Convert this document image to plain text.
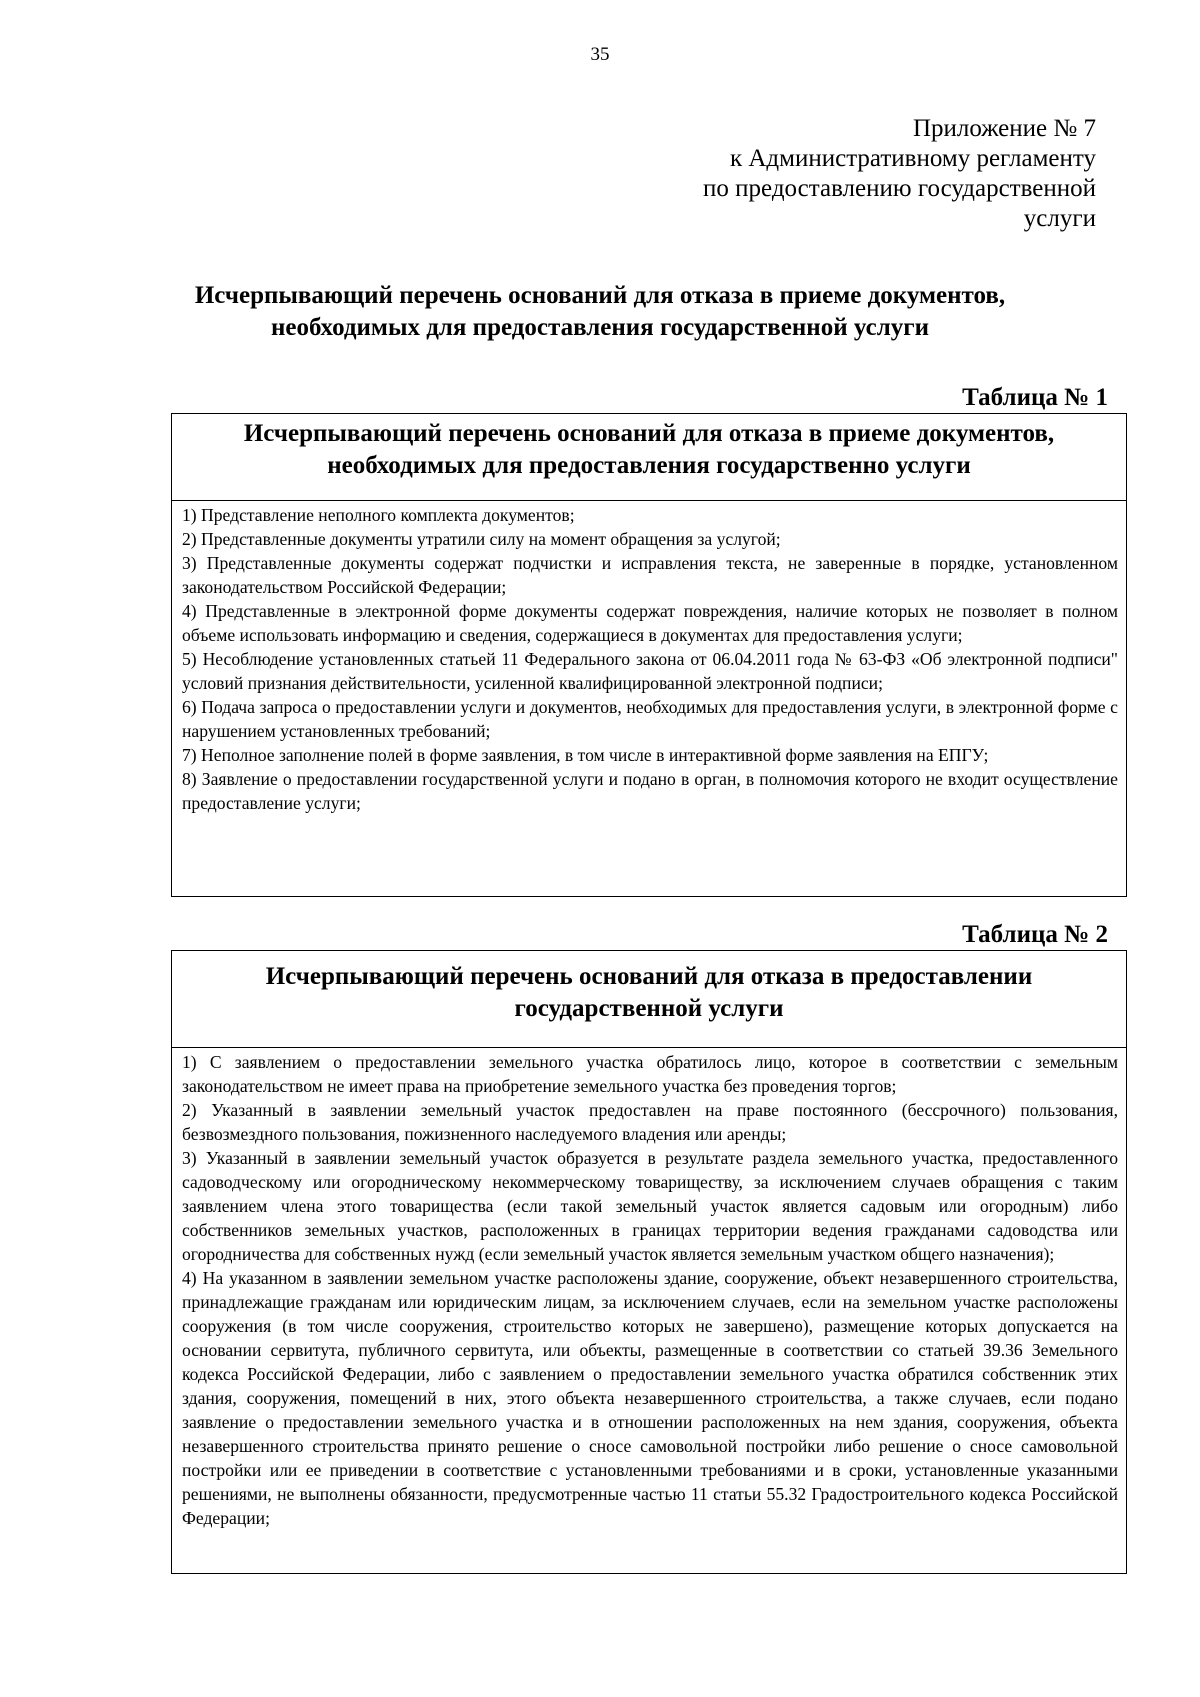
35
Приложение № 7
к Административному регламенту
по предоставлению государственной
услуги
Исчерпывающий перечень оснований для отказа в приеме документов,
необходимых для предоставления государственной услуги
Таблица № 1
Исчерпывающий перечень оснований для отказа в приеме документов,
необходимых для предоставления государственно услуги

1) Представление неполного комплекта документов;

2) Представленные документы утратили силу на момент обращения за услугой;

3) Представленные документы содержат подчистки и исправления текста, не заверенные в порядке, установленном законодательством Российской Федерации;

4) Представленные в электронной форме документы содержат повреждения, наличие которых не позволяет в полном объеме использовать информацию и сведения, содержащиеся в документах для предоставления услуги;

5) Несоблюдение установленных статьей 11 Федерального закона от 06.04.2011 года № 63-ФЗ «Об электронной подписи" условий признания действительности, усиленной квалифицированной электронной подписи;

6) Подача запроса о предоставлении услуги и документов, необходимых для предоставления услуги, в электронной форме с нарушением установленных требований;

7) Неполное заполнение полей в форме заявления, в том числе в интерактивной форме заявления на ЕПГУ;

8) Заявление о предоставлении государственной услуги и подано в орган, в полномочия которого не входит осуществление предоставление услуги;

Таблица № 2
Исчерпывающий перечень оснований для отказа в предоставлении
государственной услуги

1) С заявлением о предоставлении земельного участка обратилось лицо, которое в соответствии с земельным законодательством не имеет права на приобретение земельного участка без проведения торгов;

2) Указанный в заявлении земельный участок предоставлен на праве постоянного (бессрочного) пользования, безвозмездного пользования, пожизненного наследуемого владения или аренды;

3) Указанный в заявлении земельный участок образуется в результате раздела земельного участка, предоставленного садоводческому или огородническому некоммерческому товариществу, за исключением случаев обращения с таким заявлением члена этого товарищества (если такой земельный участок является садовым или огородным) либо собственников земельных участков, расположенных в границах территории ведения гражданами садоводства или огородничества для собственных нужд (если земельный участок является земельным участком общего назначения);

4) На указанном в заявлении земельном участке расположены здание, сооружение, объект незавершенного строительства, принадлежащие гражданам или юридическим лицам, за исключением случаев, если на земельном участке расположены сооружения (в том числе сооружения, строительство которых не завершено), размещение которых допускается на основании сервитута, публичного сервитута, или объекты, размещенные в соответствии со статьей 39.36 Земельного кодекса Российской Федерации, либо с заявлением о предоставлении земельного участка обратился собственник этих здания, сооружения, помещений в них, этого объекта незавершенного строительства, а также случаев, если подано заявление о предоставлении земельного участка и в отношении расположенных на нем здания, сооружения, объекта незавершенного строительства принято решение о сносе самовольной постройки либо решение о сносе самовольной постройки или ее приведении в соответствие с установленными требованиями и в сроки, установленные указанными решениями, не выполнены обязанности, предусмотренные частью 11 статьи 55.32 Градостроительного кодекса Российской Федерации;
